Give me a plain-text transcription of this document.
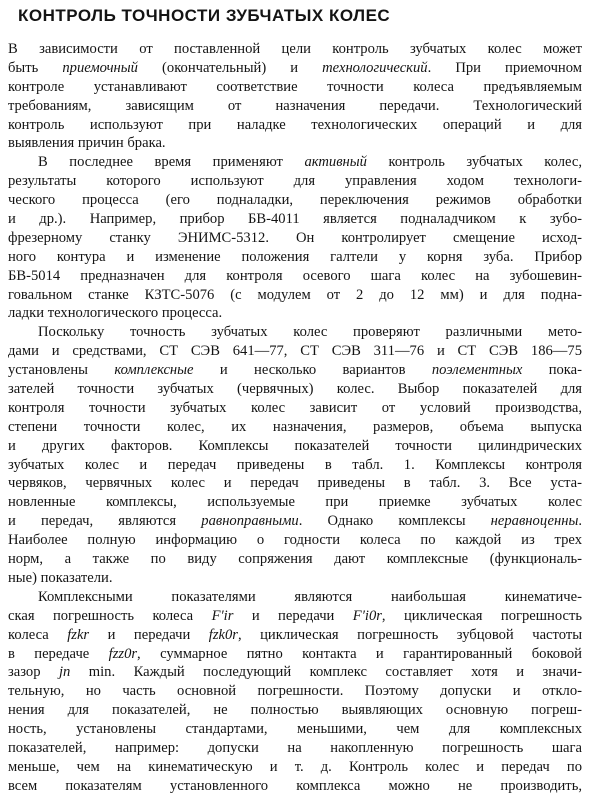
КОНТРОЛЬ ТОЧНОСТИ ЗУБЧАТЫХ КОЛЕС
В зависимости от поставленной цели контроль зубчатых колес может
быть приемочный (окончательный) и технологический. При приемочном
контроле устанавливают соответствие точности колеса предъявляемым
требованиям, зависящим от назначения передачи. Технологический
контроль используют при наладке технологических операций и для
выявления причин брака.
В последнее время применяют активный контроль зубчатых колес,
результаты которого используют для управления ходом технологи-
ческого процесса (его подналадки, переключения режимов обработки
и др.). Например, прибор БВ-4011 является подналадчиком к зубо-
фрезерному станку ЭНИМС-5312. Он контролирует смещение исход-
ного контура и изменение положения галтели у корня зуба. Прибор
БВ-5014 предназначен для контроля осевого шага колес на зубошевин-
говальном станке КЗТС-5076 (с модулем от 2 до 12 мм) и для подна-
ладки технологического процесса.
Поскольку точность зубчатых колес проверяют различными мето-
дами и средствами, СТ СЭВ 641—77, СТ СЭВ 311—76 и СТ СЭВ 186—75
установлены комплексные и несколько вариантов поэлементных пока-
зателей точности зубчатых (червячных) колес. Выбор показателей для
контроля точности зубчатых колес зависит от условий производства,
степени точности колес, их назначения, размеров, объема выпуска
и других факторов. Комплексы показателей точности цилиндрических
зубчатых колес и передач приведены в табл. 1. Комплексы контроля
червяков, червячных колес и передач приведены в табл. 3. Все уста-
новленные комплексы, используемые при приемке зубчатых колес
и передач, являются равноправными. Однако комплексы неравноценны.
Наиболее полную информацию о годности колеса по каждой из трех
норм, а также по виду сопряжения дают комплексные (функциональ-
ные) показатели.
Комплексными показателями являются наибольшая кинематиче-
ская погрешность колеса F′ir и передачи F′i0r, циклическая погрешность
колеса fzkr и передачи fzk0r, циклическая погрешность зубцовой частоты
в передаче fzz0r, суммарное пятно контакта и гарантированный боковой
зазор jn min. Каждый последующий комплекс составляет хотя и значи-
тельную, но часть основной погрешности. Поэтому допуски и откло-
нения для показателей, не полностью выявляющих основную погреш-
ность, установлены стандартами, меньшими, чем для комплексных
показателей, например: допуски на накопленную погрешность шага
меньше, чем на кинематическую и т. д. Контроль колес и передач по
всем показателям установленного комплекса можно не производить,
